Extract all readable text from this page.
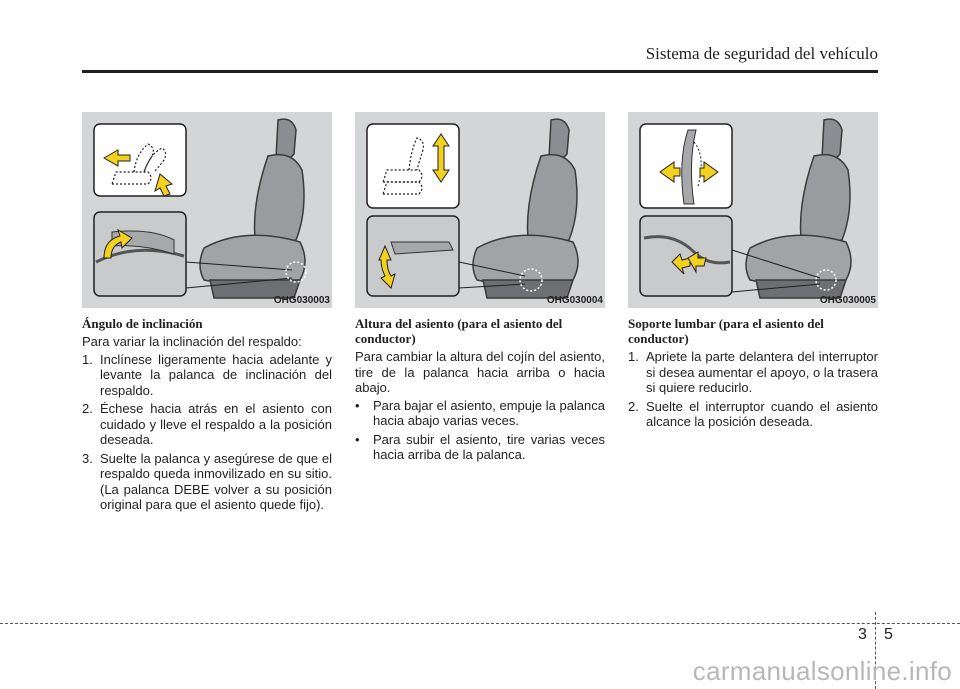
Sistema de seguridad del vehículo
OHG030003	OHG030004	OHG030005
Ángulo de inclinación
Para variar la inclinación del respaldo:
1. Inclínese ligeramente hacia adelante y levante la palanca de inclinación del respaldo.
2. Échese hacia atrás en el asiento con cuidado y lleve el respaldo a la posición deseada.
3. Suelte la palanca y asegúrese de que el respaldo queda inmovilizado en su sitio. (La palanca DEBE volver a su posición original para que el asiento quede fijo).
Altura del asiento (para el asiento del conductor)
Para cambiar la altura del cojín del asiento, tire de la palanca hacia arriba o hacia abajo.
• Para bajar el asiento, empuje la palanca hacia abajo varias veces.
• Para subir el asiento, tire varias veces hacia arriba de la palanca.
Soporte lumbar (para el asiento del conductor)
1. Apriete la parte delantera del interruptor si desea aumentar el apoyo, o la trasera si quiere reducirlo.
2. Suelte el interruptor cuando el asiento alcance la posición deseada.
3 5
carmanualsonline.info
